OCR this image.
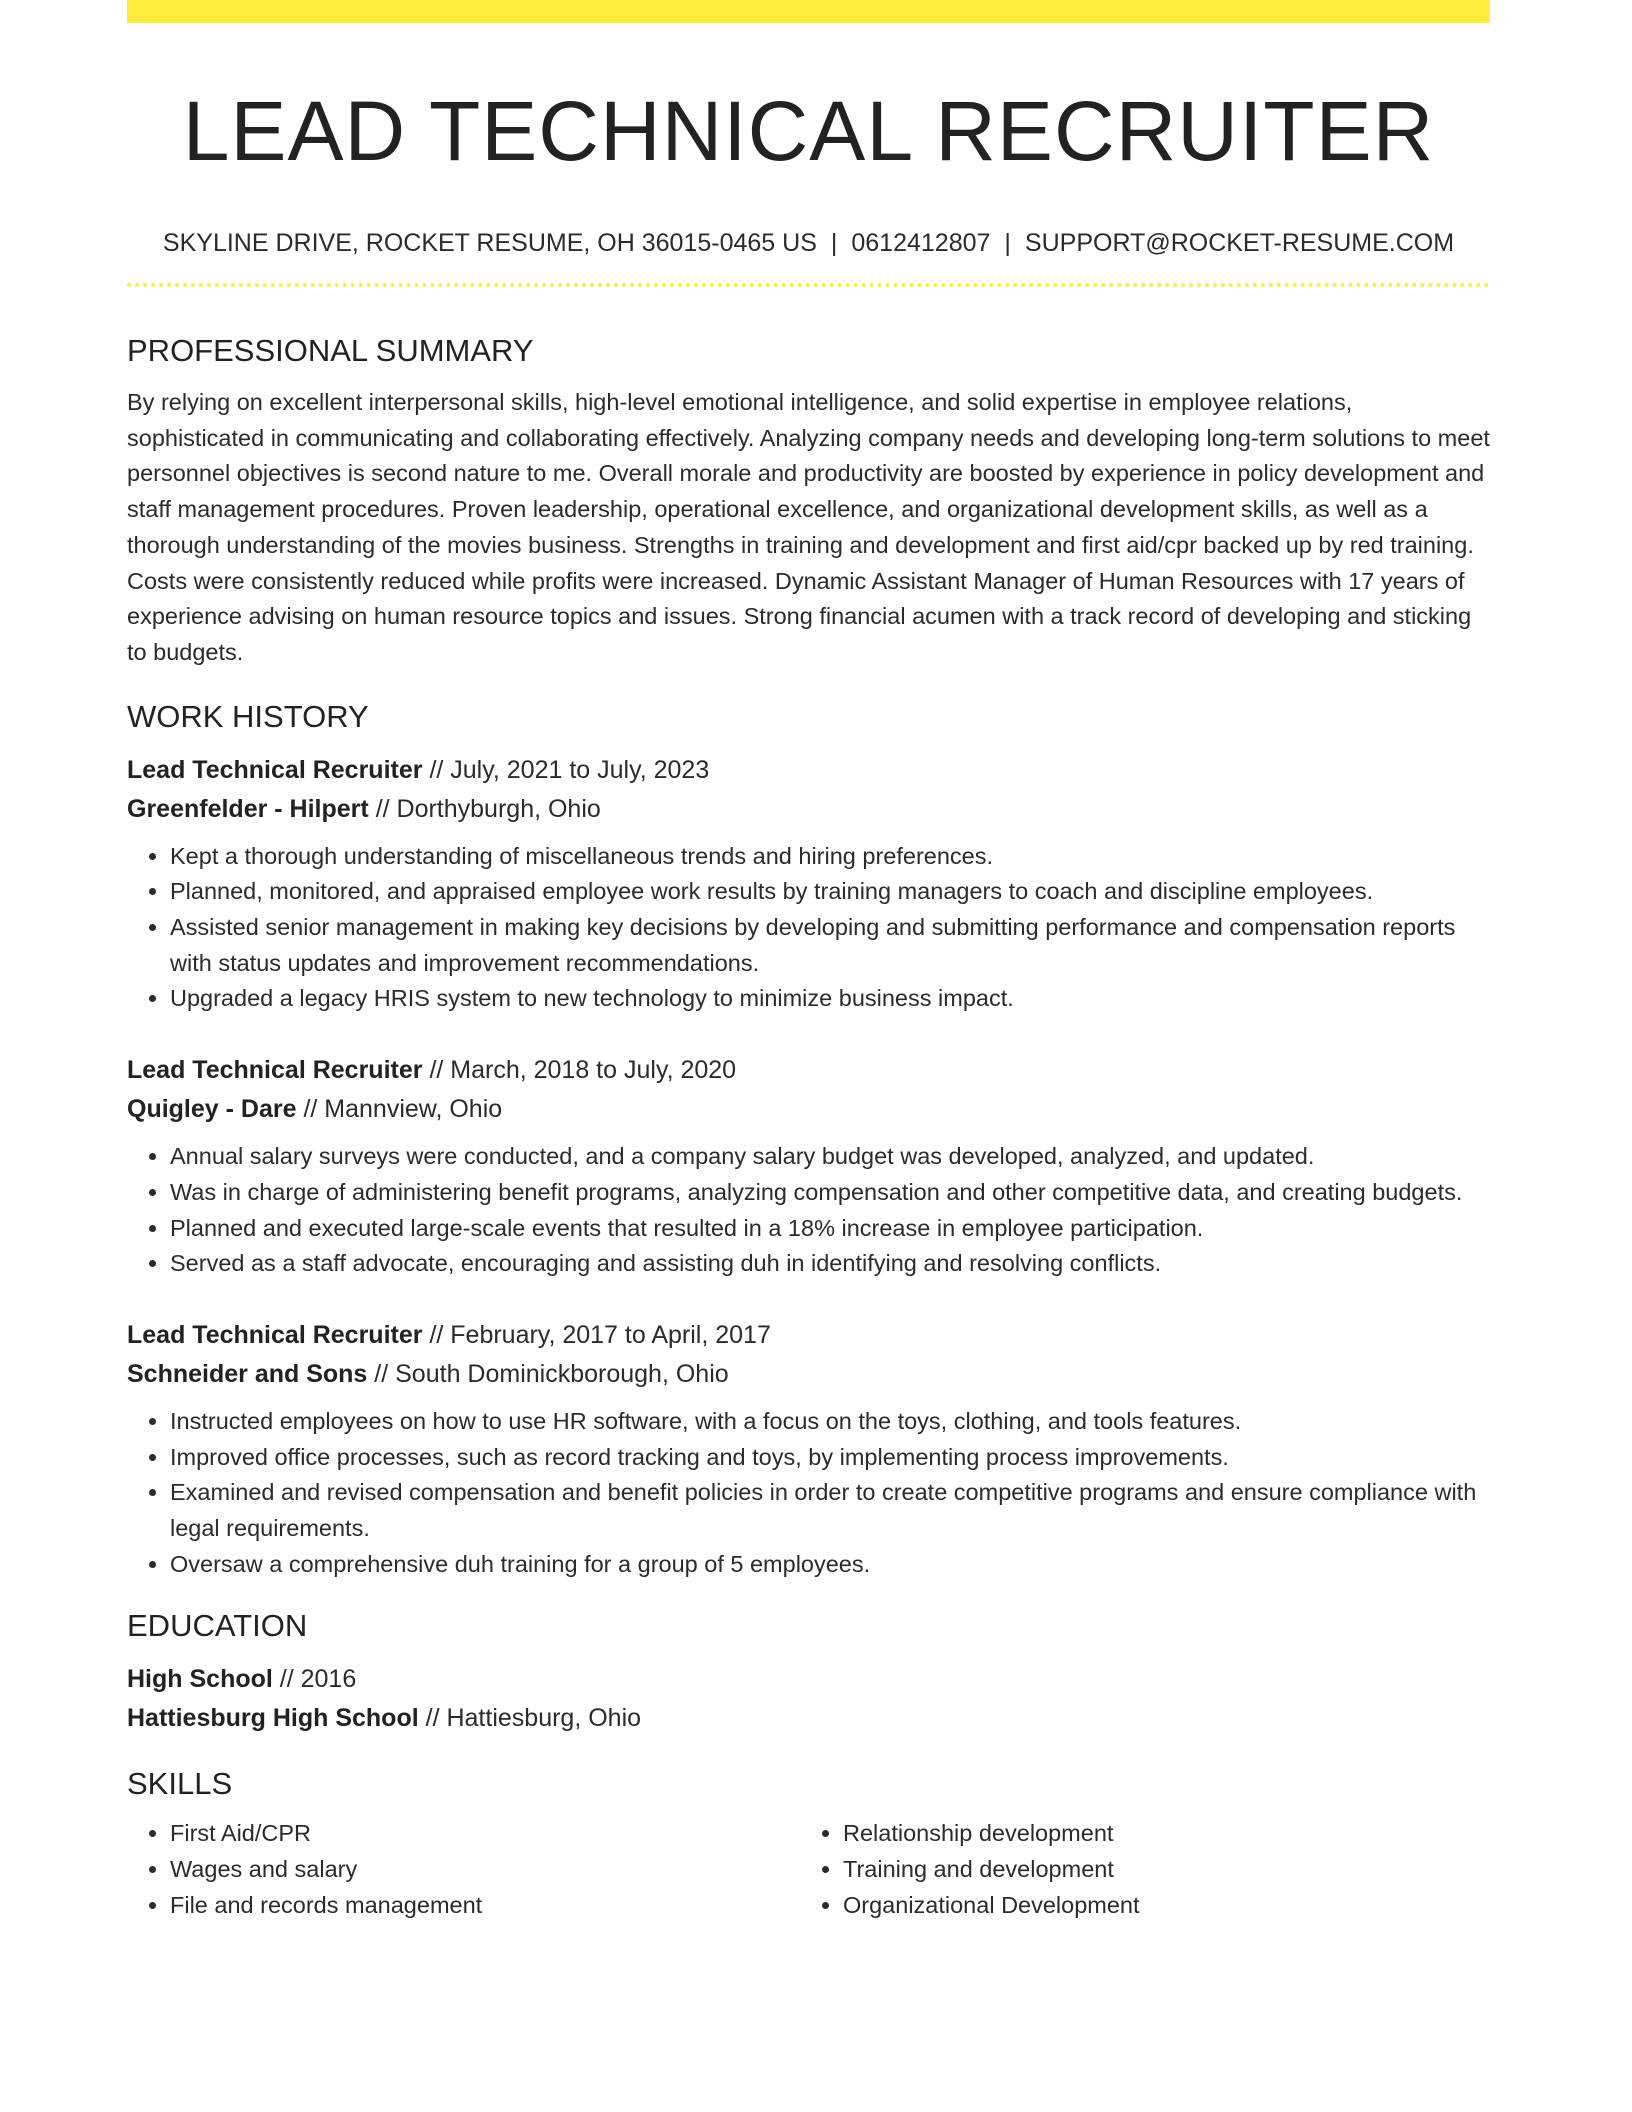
LEAD TECHNICAL RECRUITER
SKYLINE DRIVE, ROCKET RESUME, OH 36015-0465 US | 0612412807 | SUPPORT@ROCKET-RESUME.COM
PROFESSIONAL SUMMARY
By relying on excellent interpersonal skills, high-level emotional intelligence, and solid expertise in employee relations, sophisticated in communicating and collaborating effectively. Analyzing company needs and developing long-term solutions to meet personnel objectives is second nature to me. Overall morale and productivity are boosted by experience in policy development and staff management procedures. Proven leadership, operational excellence, and organizational development skills, as well as a thorough understanding of the movies business. Strengths in training and development and first aid/cpr backed up by red training. Costs were consistently reduced while profits were increased. Dynamic Assistant Manager of Human Resources with 17 years of experience advising on human resource topics and issues. Strong financial acumen with a track record of developing and sticking to budgets.
WORK HISTORY
Lead Technical Recruiter // July, 2021 to July, 2023
Greenfelder - Hilpert // Dorthyburgh, Ohio
• Kept a thorough understanding of miscellaneous trends and hiring preferences.
• Planned, monitored, and appraised employee work results by training managers to coach and discipline employees.
• Assisted senior management in making key decisions by developing and submitting performance and compensation reports with status updates and improvement recommendations.
• Upgraded a legacy HRIS system to new technology to minimize business impact.
Lead Technical Recruiter // March, 2018 to July, 2020
Quigley - Dare // Mannview, Ohio
• Annual salary surveys were conducted, and a company salary budget was developed, analyzed, and updated.
• Was in charge of administering benefit programs, analyzing compensation and other competitive data, and creating budgets.
• Planned and executed large-scale events that resulted in a 18% increase in employee participation.
• Served as a staff advocate, encouraging and assisting duh in identifying and resolving conflicts.
Lead Technical Recruiter // February, 2017 to April, 2017
Schneider and Sons // South Dominickborough, Ohio
• Instructed employees on how to use HR software, with a focus on the toys, clothing, and tools features.
• Improved office processes, such as record tracking and toys, by implementing process improvements.
• Examined and revised compensation and benefit policies in order to create competitive programs and ensure compliance with legal requirements.
• Oversaw a comprehensive duh training for a group of 5 employees.
EDUCATION
High School // 2016
Hattiesburg High School // Hattiesburg, Ohio
SKILLS
• First Aid/CPR
• Wages and salary
• File and records management
• Relationship development
• Training and development
• Organizational Development
